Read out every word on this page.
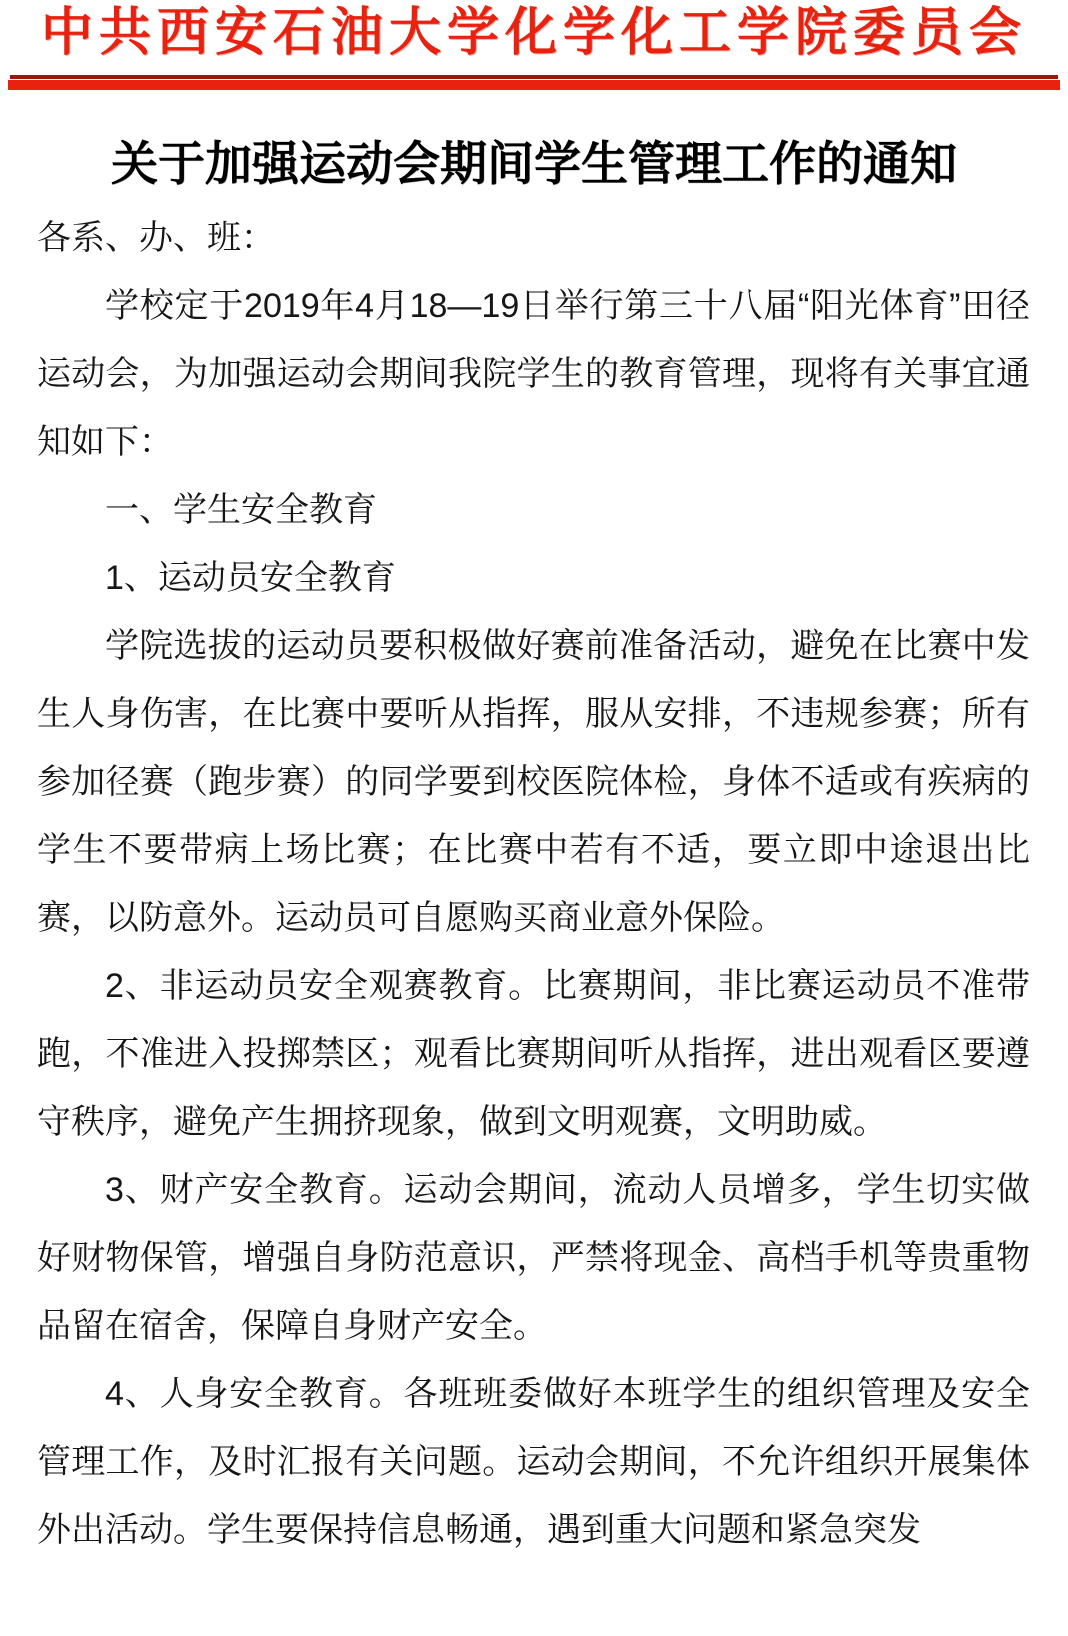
中共西安石油大学化学化工学院委员会
关于加强运动会期间学生管理工作的通知

各系、办、班：

学校定于2019年4月18—19日举行第三十八届“阳光体育”田径运动会，为加强运动会期间我院学生的教育管理，现将有关事宜通知如下：

一、学生安全教育

1、运动员安全教育

学院选拔的运动员要积极做好赛前准备活动，避免在比赛中发生人身伤害，在比赛中要听从指挥，服从安排，不违规参赛；所有参加径赛（跑步赛）的同学要到校医院体检，身体不适或有疾病的学生不要带病上场比赛；在比赛中若有不适，要立即中途退出比赛，以防意外。运动员可自愿购买商业意外保险。

2、非运动员安全观赛教育。比赛期间，非比赛运动员不准带跑，不准进入投掷禁区；观看比赛期间听从指挥，进出观看区要遵守秩序，避免产生拥挤现象，做到文明观赛，文明助威。

3、财产安全教育。运动会期间，流动人员增多，学生切实做好财物保管，增强自身防范意识，严禁将现金、高档手机等贵重物品留在宿舍，保障自身财产安全。

4、人身安全教育。各班班委做好本班学生的组织管理及安全管理工作，及时汇报有关问题。运动会期间，不允许组织开展集体外出活动。学生要保持信息畅通，遇到重大问题和紧急突发
